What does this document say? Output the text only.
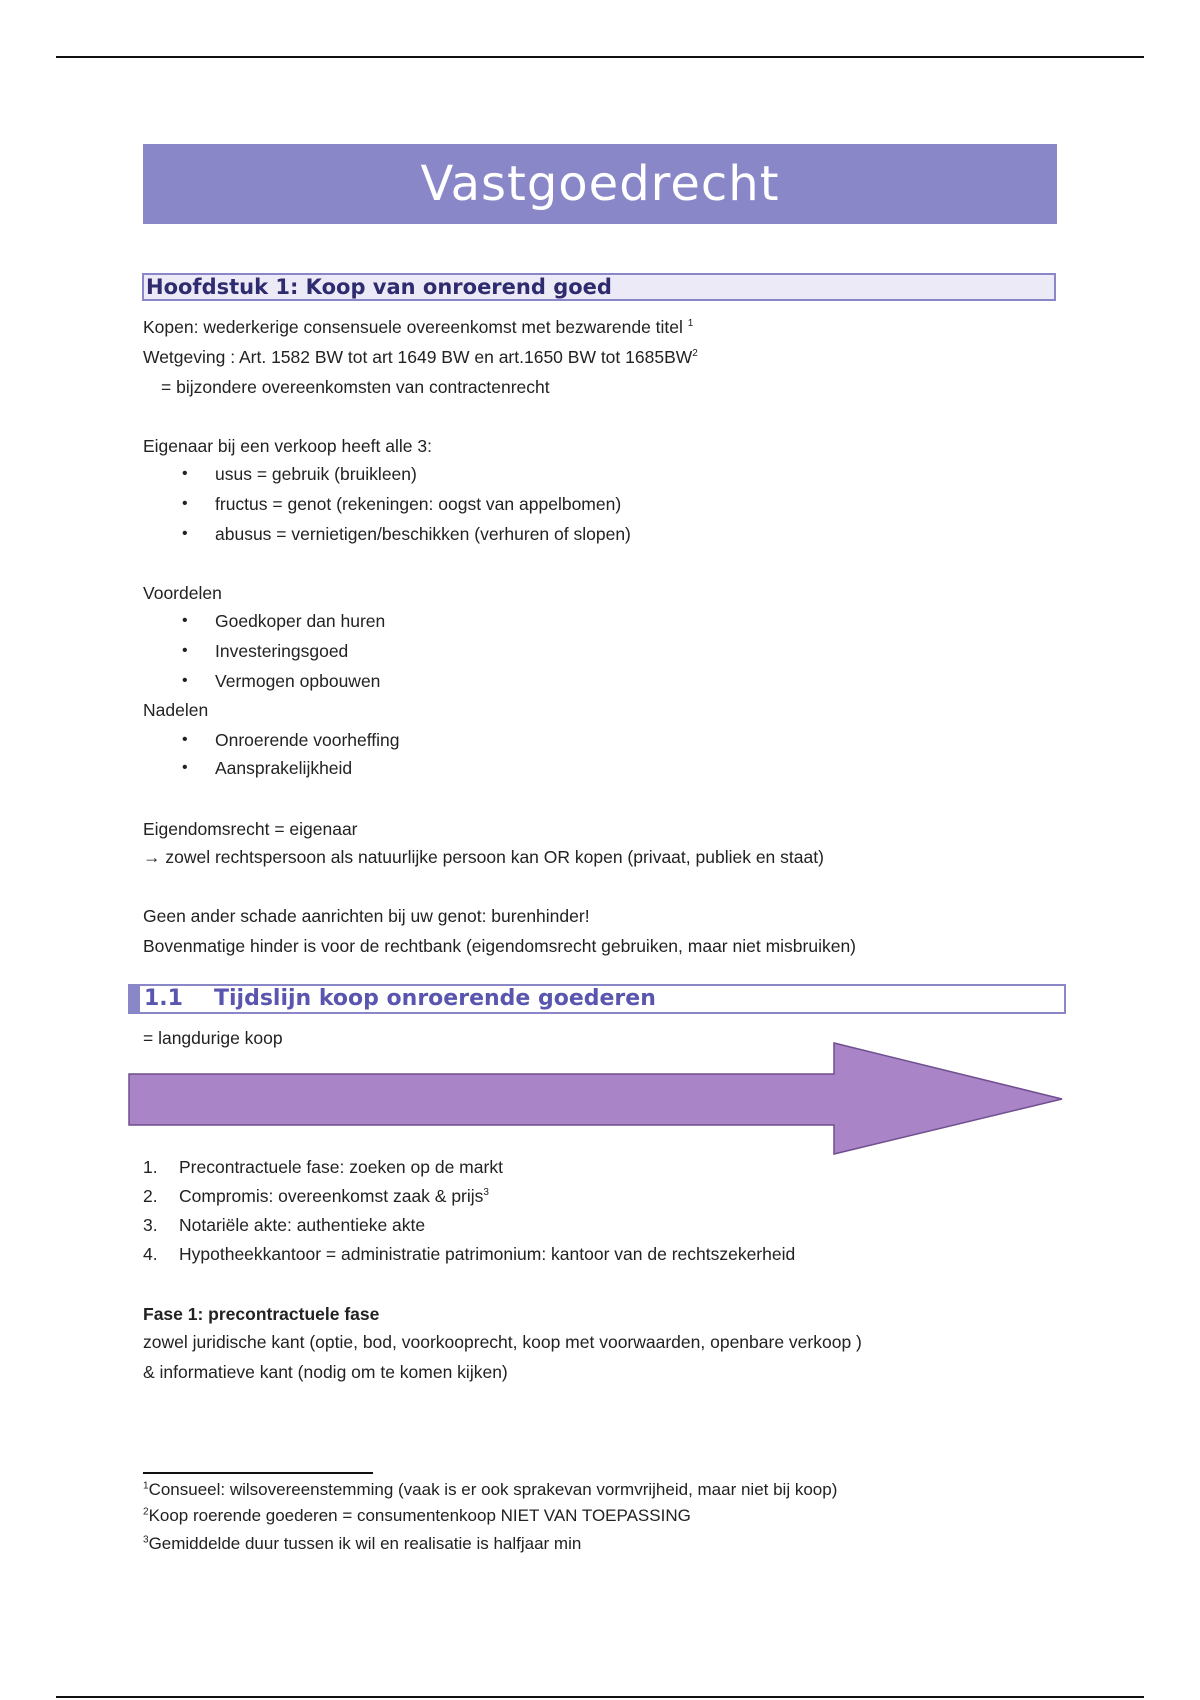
Vastgoedrecht
Hoofdstuk 1: Koop van onroerend goed
Kopen: wederkerige consensuele overeenkomst met bezwarende titel $^1$
Wetgeving : Art. 1582 BW tot art 1649 BW en art.1650 BW tot $1685BW^2$
= bijzondere overeenkomsten van contractenrecht
Eigenaar bij een verkoop heeft alle 3:
• usus = gebruik (bruikleen)
• fructus = genot (rekeningen: oogst van appelbomen)
• abusus = vernietigen/beschikken (verhuren of slopen)
Voordelen
• Goedkoper dan huren
• Investeringsgoed
• Vermogen opbouwen
Nadelen
• Onroerende voorheffing
• Aansprakelijkheid
Eigendomsrecht = eigenaar
→ zowel rechtspersoon als natuurlijke persoon kan OR kopen (privaat, publiek en staat)
Geen ander schade aanrichten bij uw genot: burenhinder!
Bovenmatige hinder is voor de rechtbank (eigendomsrecht gebruiken, maar niet misbruiken)
1.1 Tijdslijn koop onroerende goederen
= langdurige koop
1. Precontractuele fase: zoeken op de markt
2. Compromis: overeenkomst zaak & prijs$^3$
3. Notariële akte: authentieke akte
4. Hypotheekkantoor = administratie patrimonium: kantoor van de rechtszekerheid
Fase 1: precontractuele fase
zowel juridische kant (optie, bod, voorkooprecht, koop met voorwaarden, openbare verkoop )
& informatieve kant (nodig om te komen kijken)
$^1$Consueel: wilsovereenstemming (vaak is er ook sprakevan vormvrijheid, maar niet bij koop)
$^2$Koop roerende goederen = consumentenkoop NIET VAN TOEPASSING
$^3$Gemiddelde duur tussen ik wil en realisatie is halfjaar min
